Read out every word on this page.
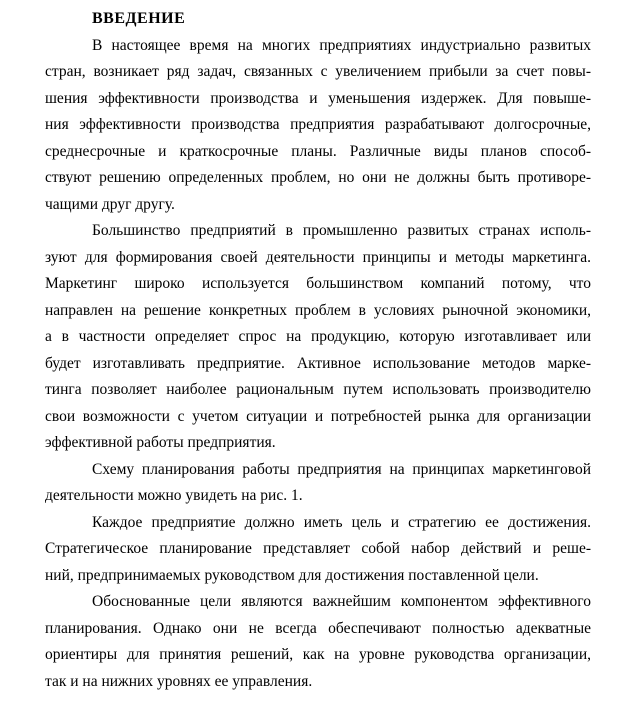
ВВЕДЕНИЕ
В настоящее время на многих предприятиях индустриально развитых
стран, возникает ряд задач, связанных с увеличением прибыли за счет повы-
шения эффективности производства и уменьшения издержек. Для повыше-
ния эффективности производства предприятия разрабатывают долгосрочные,
среднесрочные и краткосрочные планы. Различные виды планов способ-
ствуют решению определенных проблем, но они не должны быть противоре-
чащими друг другу.
Большинство предприятий в промышленно развитых странах исполь-
зуют для формирования своей деятельности принципы и методы маркетинга.
Маркетинг широко используется большинством компаний потому, что
направлен на решение конкретных проблем в условиях рыночной экономики,
а в частности определяет спрос на продукцию, которую изготавливает или
будет изготавливать предприятие. Активное использование методов марке-
тинга позволяет наиболее рациональным путем использовать производителю
свои возможности с учетом ситуации и потребностей рынка для организации
эффективной работы предприятия.
Схему планирования работы предприятия на принципах маркетинговой
деятельности можно увидеть на рис. 1.
Каждое предприятие должно иметь цель и стратегию ее достижения.
Стратегическое планирование представляет собой набор действий и реше-
ний, предпринимаемых руководством для достижения поставленной цели.
Обоснованные цели являются важнейшим компонентом эффективного
планирования. Однако они не всегда обеспечивают полностью адекватные
ориентиры для принятия решений, как на уровне руководства организации,
так и на нижних уровнях ее управления.
